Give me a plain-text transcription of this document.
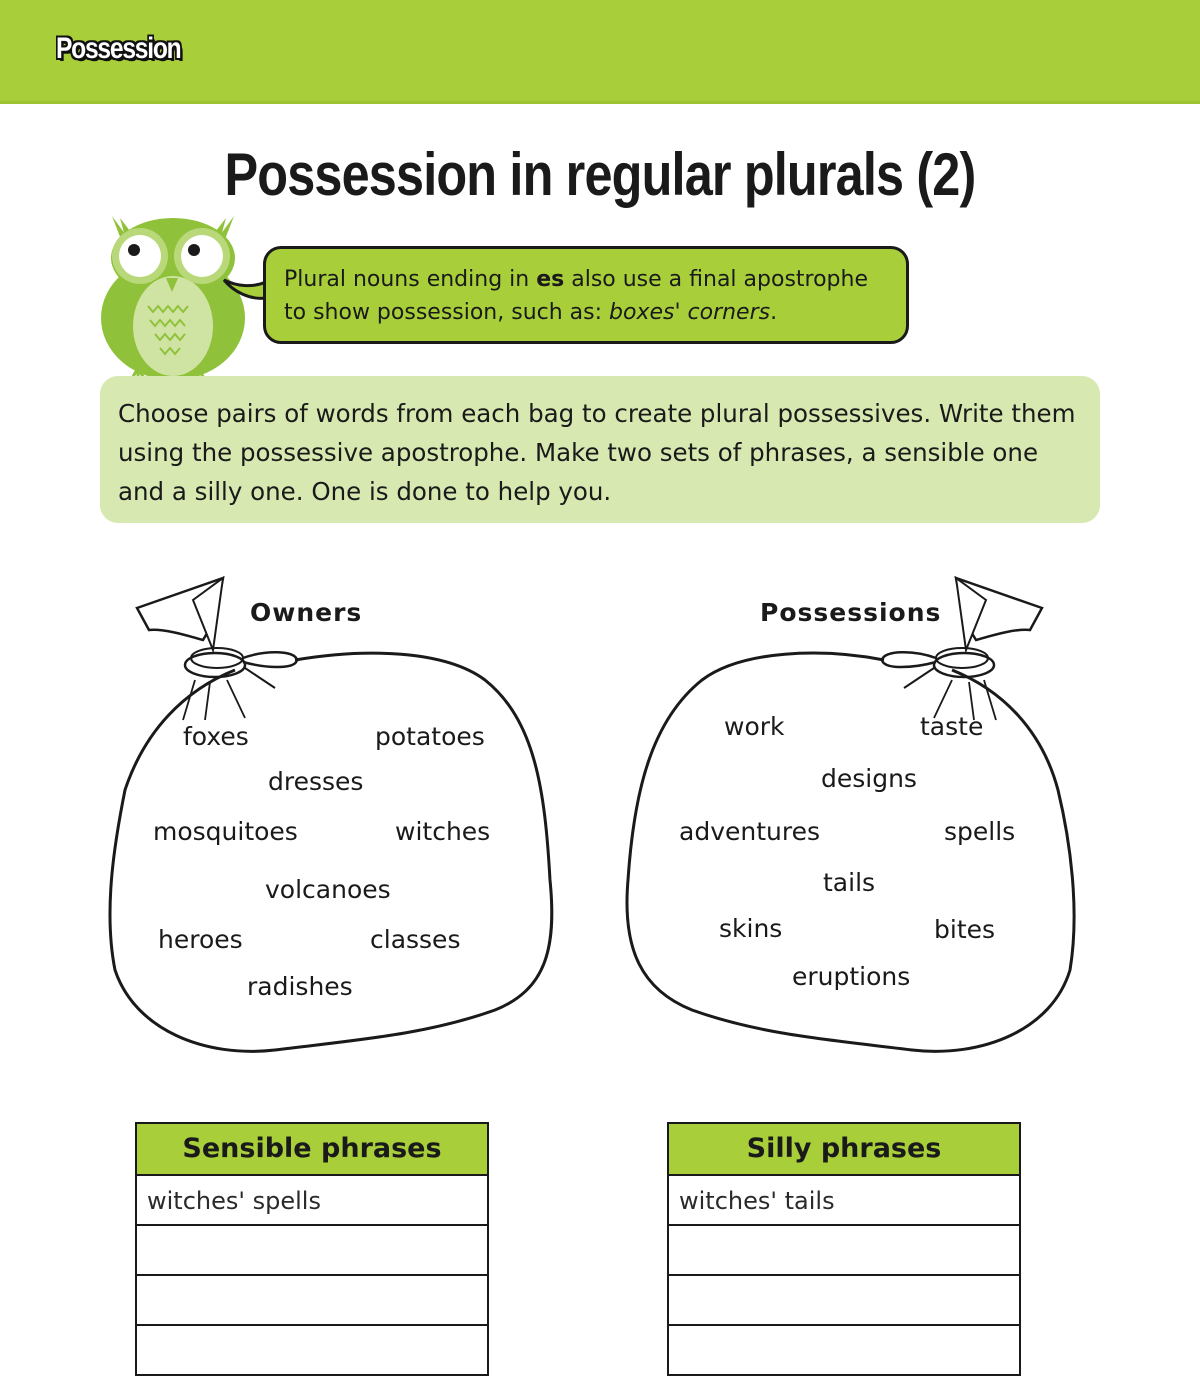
Possession
Possession in regular plurals (2)
Plural nouns ending in es also use a final apostrophe to show possession, such as: boxes' corners.
Choose pairs of words from each bag to create plural possessives. Write them using the possessive apostrophe. Make two sets of phrases, a sensible one and a silly one. One is done to help you.
Owners
foxes	potatoes
dresses
mosquitoes	witches
volcanoes
heroes	classes
radishes
Possessions
work	taste
designs
adventures	spells
tails
skins	bites
eruptions
Sensible phrases
witches' spells
Silly phrases
witches' tails
